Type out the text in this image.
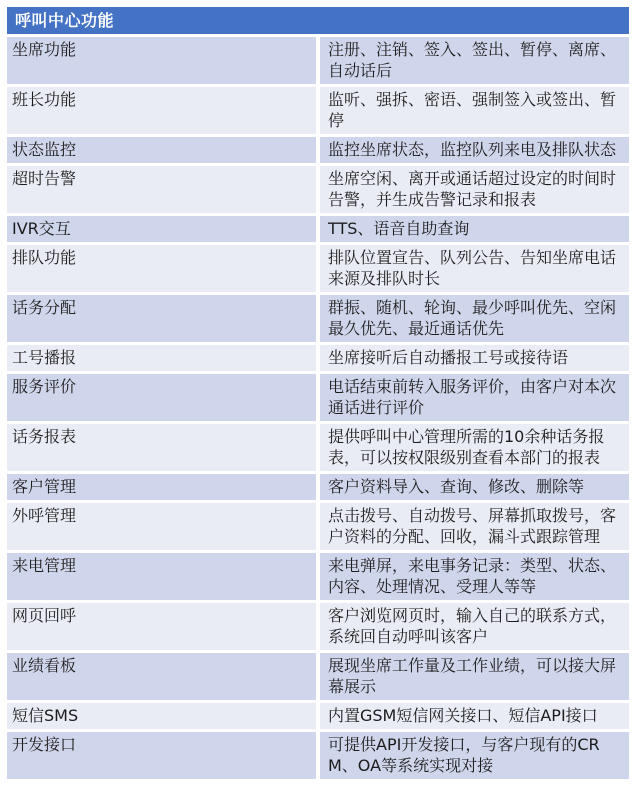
呼叫中心功能	
坐席功能	注册、注销、签入、签出、暂停、离席、自动话后
班长功能	监听、强拆、密语、强制签入或签出、暂停
状态监控	监控坐席状态，监控队列来电及排队状态
超时告警	坐席空闲、离开或通话超过设定的时间时告警，并生成告警记录和报表
IVR交互	TTS、语音自助查询
排队功能	排队位置宣告、队列公告、告知坐席电话来源及排队时长
话务分配	群振、随机、轮询、最少呼叫优先、空闲最久优先、最近通话优先
工号播报	坐席接听后自动播报工号或接待语
服务评价	电话结束前转入服务评价，由客户对本次通话进行评价
话务报表	提供呼叫中心管理所需的10余种话务报表，可以按权限级别查看本部门的报表
客户管理	客户资料导入、查询、修改、删除等
外呼管理	点击拨号、自动拨号、屏幕抓取拨号，客户资料的分配、回收，漏斗式跟踪管理
来电管理	来电弹屏，来电事务记录：类型、状态、内容、处理情况、受理人等等
网页回呼	客户浏览网页时，输入自己的联系方式，系统回自动呼叫该客户
业绩看板	展现坐席工作量及工作业绩，可以接大屏幕展示
短信SMS	内置GSM短信网关接口、短信API接口
开发接口	可提供API开发接口，与客户现有的CRM、OA等系统实现对接
